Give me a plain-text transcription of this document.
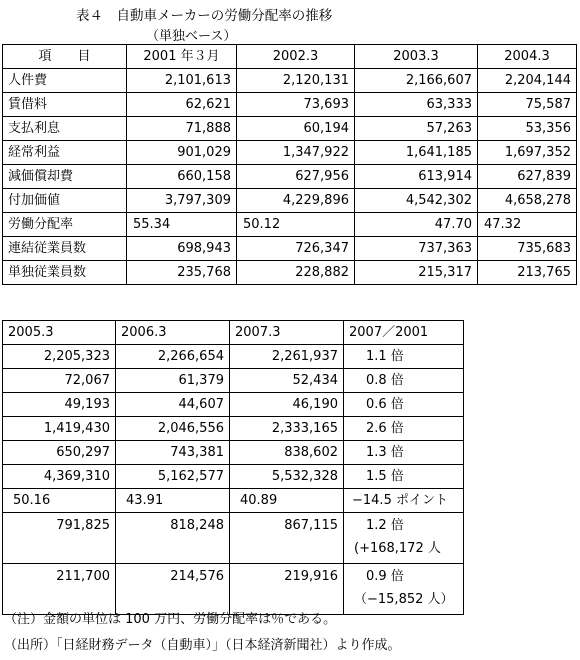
表４　自動車メーカーの労働分配率の推移
（単独ベース）
項　　目	2001 年３月	2002.3	2003.3	2004.3
人件費	2,101,613	2,120,131	2,166,607	2,204,144
賃借料	62,621	73,693	63,333	75,587
支払利息	71,888	60,194	57,263	53,356
経常利益	901,029	1,347,922	1,641,185	1,697,352
減価償却費	660,158	627,956	613,914	627,839
付加価値	3,797,309	4,229,896	4,542,302	4,658,278
労働分配率	55.34	50.12	47.70	47.32
連結従業員数	698,943	726,347	737,363	735,683
単独従業員数	235,768	228,882	215,317	213,765
2005.3	2006.3	2007.3	2007／2001
2,205,323	2,266,654	2,261,937	1.1 倍
72,067	61,379	52,434	0.8 倍
49,193	44,607	46,190	0.6 倍
1,419,430	2,046,556	2,333,165	2.6 倍
650,297	743,381	838,602	1.3 倍
4,369,310	5,162,577	5,532,328	1.5 倍
50.16	43.91	40.89	−14.5 ポイント
791,825	818,248	867,115	1.2 倍
(+168,172 人

211,700	214,576	219,916	0.9 倍
（−15,852 人）
（注）金額の単位は 100 万円、労働分配率は％である。
（出所）「日経財務データ（自動車）」（日本経済新聞社）より作成。
